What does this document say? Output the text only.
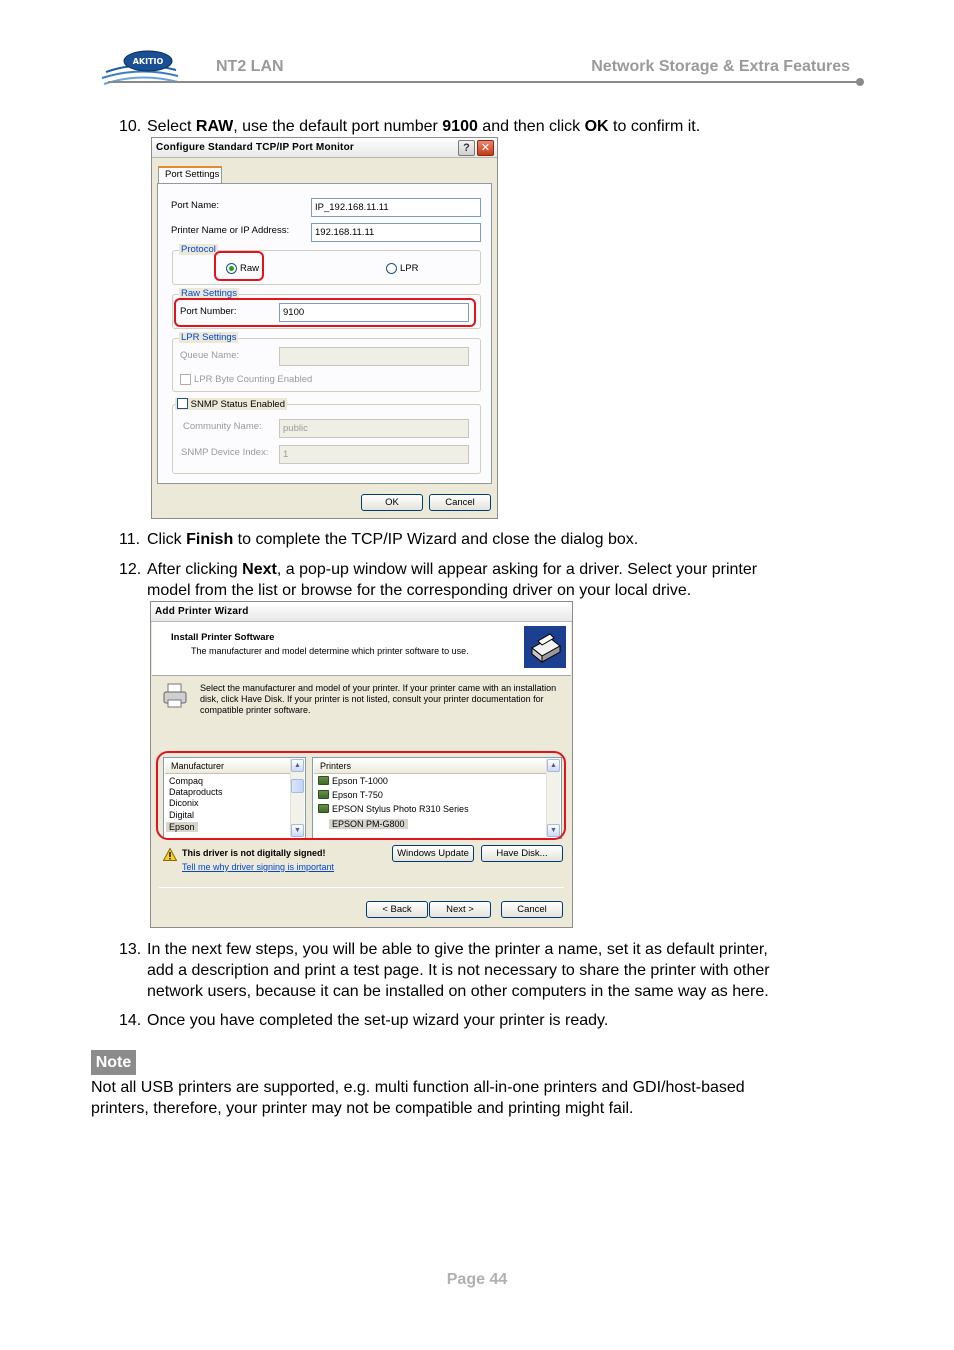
AKITIO	NT2 LAN	Network Storage & Extra Features
10. Select RAW, use the default port number 9100 and then click OK to confirm it.
Configure Standard TCP/IP Port Monitor	?	✕
Port Settings
Port Name:	IP_192.168.11.11
Printer Name or IP Address:	192.168.11.11
Protocol
Raw	LPR
Raw Settings
Port Number:	9100
LPR Settings
Queue Name:
LPR Byte Counting Enabled
SNMP Status Enabled
Community Name:	public
SNMP Device Index:	1
OK	Cancel
11. Click Finish to complete the TCP/IP Wizard and close the dialog box.
12. After clicking Next, a pop-up window will appear asking for a driver. Select your printer
model from the list or browse for the corresponding driver on your local drive.
Add Printer Wizard
Install Printer Software
The manufacturer and model determine which printer software to use.
Select the manufacturer and model of your printer. If your printer came with an installation
disk, click Have Disk. If your printer is not listed, consult your printer documentation for
compatible printer software.
Manufacturer
Compaq
Dataproducts
Diconix
Digital
Epson
▲
▼
Printers
Epson T-1000
Epson T-750
EPSON Stylus Photo R310 Series
EPSON PM-G800
▲
▼
This driver is not digitally signed!
Tell me why driver signing is important
Windows Update	Have Disk...
< Back	Next >	Cancel
13. In the next few steps, you will be able to give the printer a name, set it as default printer,
add a description and print a test page. It is not necessary to share the printer with other
network users, because it can be installed on other computers in the same way as here.
14. Once you have completed the set-up wizard your printer is ready.
Note
Not all USB printers are supported, e.g. multi function all-in-one printers and GDI/host-based
printers, therefore, your printer may not be compatible and printing might fail.
Page 44
